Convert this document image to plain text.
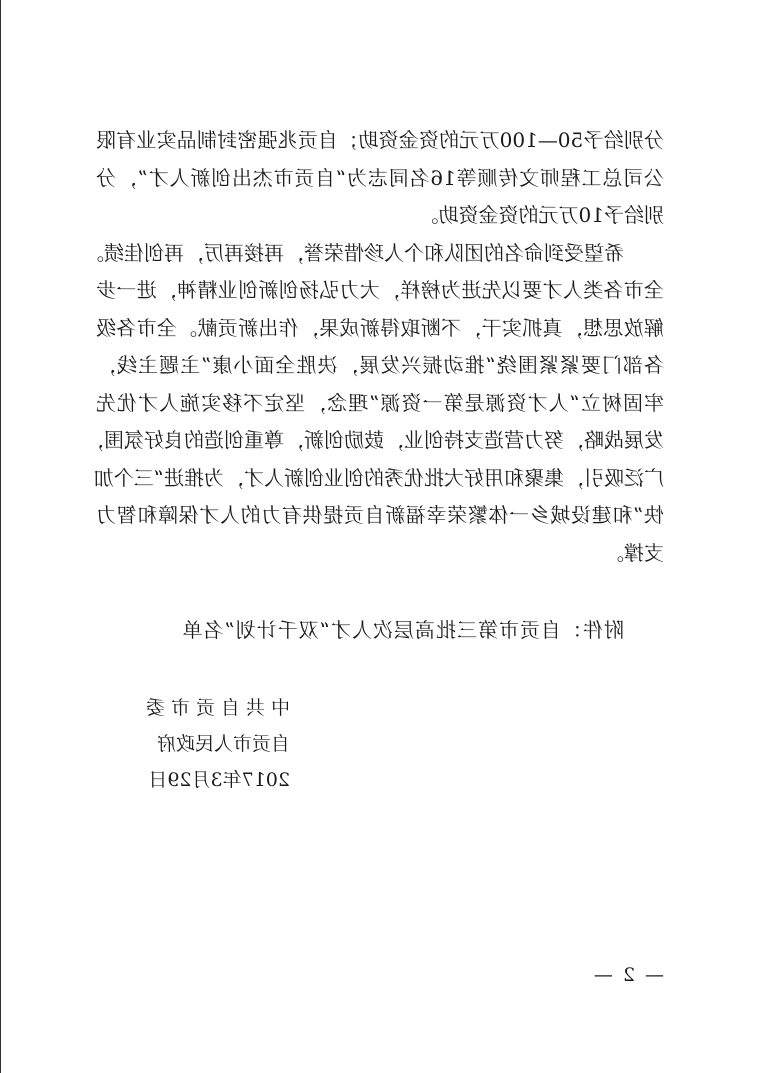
分别给予50—100万元的资金资助；自贡兆强密封制品实业有限
公司总工程师文传顺等16名同志为“自贡市杰出创新人才”，分
别给予10万元的资金资助。
希望受到命名的团队和个人珍惜荣誉，再接再厉，再创佳绩。
全市各类人才要以先进为榜样，大力弘扬创新创业精神，进一步
解放思想，真抓实干，不断取得新成果，作出新贡献。全市各级
各部门要紧紧围绕“推动振兴发展，决胜全面小康”主题主线，
牢固树立“人才资源是第一资源”理念，坚定不移实施人才优先
发展战略，努力营造支持创业，鼓励创新，尊重创造的良好氛围，
广泛吸引，集聚和用好大批优秀的创业创新人才，为推进“三个加
快”和建设城乡一体繁荣幸福新自贡提供有力的人才保障和智力
支撑。
附件：自贡市第三批高层次人才“双千计划”名单
中共自贡市委
自贡市人民政府
2017年3月29日
— 2 —
